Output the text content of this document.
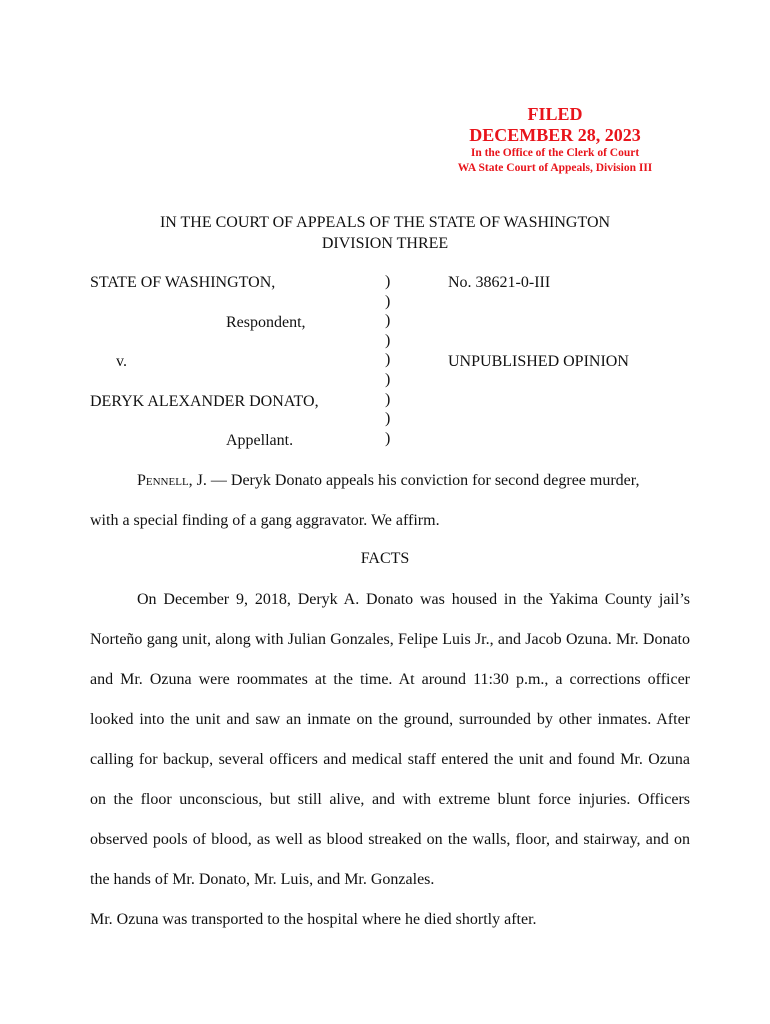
FILED
DECEMBER 28, 2023
In the Office of the Clerk of Court
WA State Court of Appeals, Division III
IN THE COURT OF APPEALS OF THE STATE OF WASHINGTON
DIVISION THREE
STATE OF WASHINGTON,
Respondent,
v.
DERYK ALEXANDER DONATO,
Appellant.
)
)
)
)
)
)
)
)
)
No. 38621-0-III
UNPUBLISHED OPINION

Pennell, J. — Deryk Donato appeals his conviction for second degree murder,

with a special finding of a gang aggravator. We affirm.

FACTS

On December 9, 2018, Deryk A. Donato was housed in the Yakima County jail’s Norteño gang unit, along with Julian Gonzales, Felipe Luis Jr., and Jacob Ozuna. Mr. Donato and Mr. Ozuna were roommates at the time. At around 11:30 p.m., a corrections officer looked into the unit and saw an inmate on the ground, surrounded by other inmates. After calling for backup, several officers and medical staff entered the unit and found Mr. Ozuna on the floor unconscious, but still alive, and with extreme blunt force injuries. Officers observed pools of blood, as well as blood streaked on the walls, floor, and stairway, and on the hands of Mr. Donato, Mr. Luis, and Mr. Gonzales.

Mr. Ozuna was transported to the hospital where he died shortly after.
